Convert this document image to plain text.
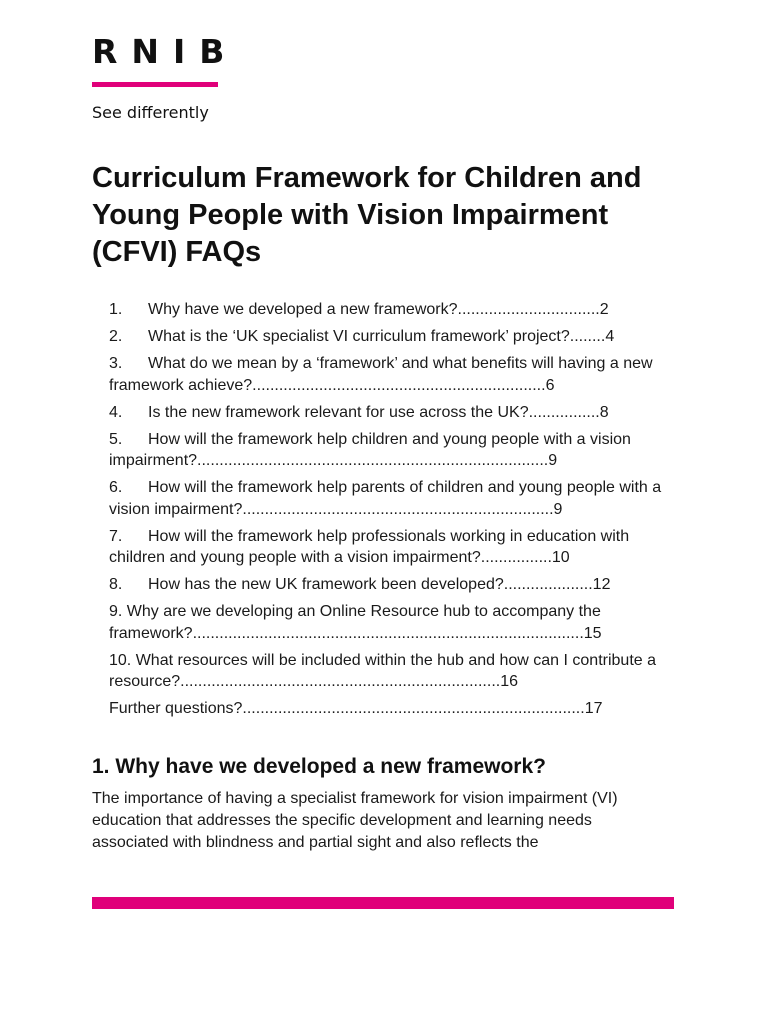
RNIB
See differently
Curriculum Framework for Children and Young People with Vision Impairment (CFVI) FAQs
1. Why have we developed a new framework?................................2
2. What is the ‘UK specialist VI curriculum framework’ project?........4
3. What do we mean by a ‘framework’ and what benefits will having a new framework achieve?..................................................................6
4. Is the new framework relevant for use across the UK?................8
5. How will the framework help children and young people with a vision impairment?...............................................................................9
6. How will the framework help parents of children and young people with a vision impairment?......................................................................9
7. How will the framework help professionals working in education with children and young people with a vision impairment?................10
8. How has the new UK framework been developed?....................12
9. Why are we developing an Online Resource hub to accompany the framework?........................................................................................15
10. What resources will be included within the hub and how can I contribute a resource?........................................................................16
Further questions?.............................................................................17
1. Why have we developed a new framework?

The importance of having a specialist framework for vision impairment (VI) education that addresses the specific development and learning needs associated with blindness and partial sight and also reflects the
